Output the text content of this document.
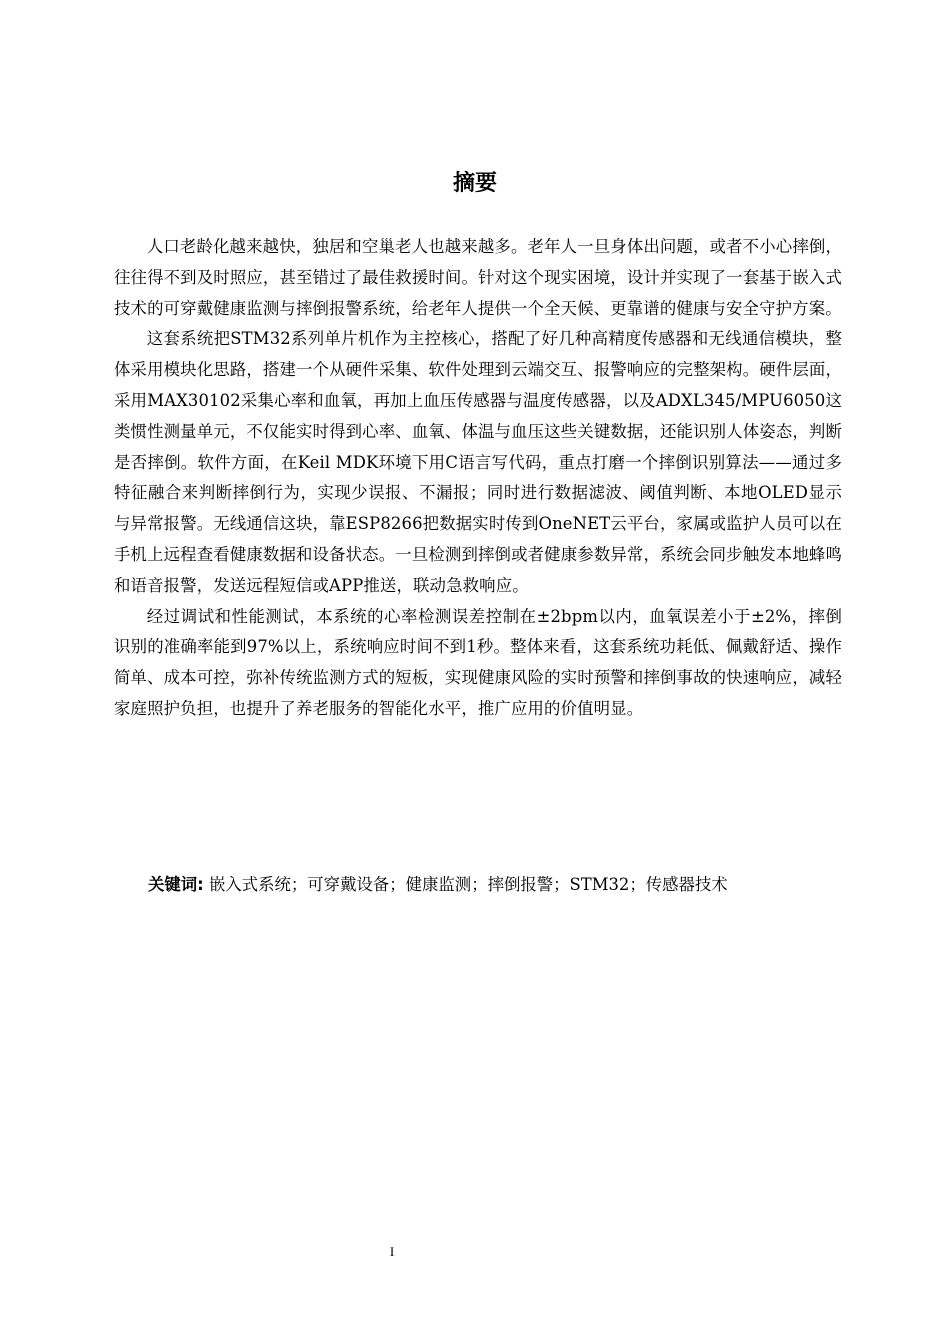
摘要

人口老龄化越来越快，独居和空巢老人也越来越多。老年人一旦身体出问题，或者不小心摔倒，往往得不到及时照应，甚至错过了最佳救援时间。针对这个现实困境，设计并实现了一套基于嵌入式技术的可穿戴健康监测与摔倒报警系统，给老年人提供一个全天候、更靠谱的健康与安全守护方案。

这套系统把STM32系列单片机作为主控核心，搭配了好几种高精度传感器和无线通信模块，整体采用模块化思路，搭建一个从硬件采集、软件处理到云端交互、报警响应的完整架构。硬件层面，采用MAX30102采集心率和血氧，再加上血压传感器与温度传感器，以及ADXL345/MPU6050这类惯性测量单元，不仅能实时得到心率、血氧、体温与血压这些关键数据，还能识别人体姿态，判断是否摔倒。软件方面，在Keil MDK环境下用C语言写代码，重点打磨一个摔倒识别算法——通过多特征融合来判断摔倒行为，实现少误报、不漏报；同时进行数据滤波、阈值判断、本地OLED显示与异常报警。无线通信这块，靠ESP8266把数据实时传到OneNET云平台，家属或监护人员可以在手机上远程查看健康数据和设备状态。一旦检测到摔倒或者健康参数异常，系统会同步触发本地蜂鸣和语音报警，发送远程短信或APP推送，联动急救响应。

经过调试和性能测试，本系统的心率检测误差控制在±2bpm以内，血氧误差小于±2%，摔倒识别的准确率能到97%以上，系统响应时间不到1秒。整体来看，这套系统功耗低、佩戴舒适、操作简单、成本可控，弥补传统监测方式的短板，实现健康风险的实时预警和摔倒事故的快速响应，减轻家庭照护负担，也提升了养老服务的智能化水平，推广应用的价值明显。

关键词: 嵌入式系统；可穿戴设备；健康监测；摔倒报警；STM32；传感器技术

I
